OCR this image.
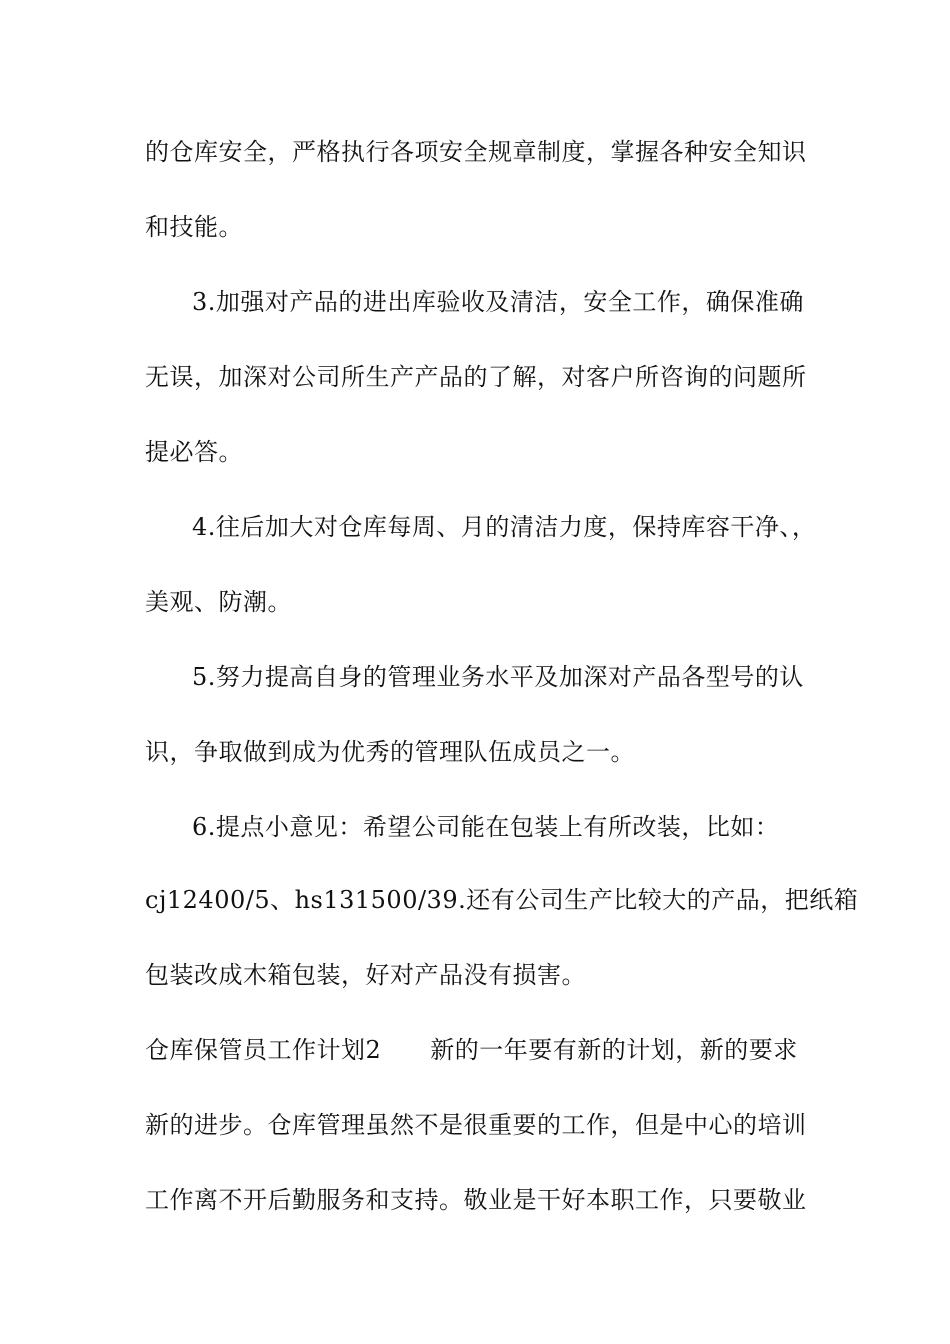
的仓库安全，严格执行各项安全规章制度，掌握各种安全知识
和技能。
3.加强对产品的进出库验收及清洁，安全工作，确保准确
无误，加深对公司所生产产品的了解，对客户所咨询的问题所
提必答。
4.往后加大对仓库每周、月的清洁力度，保持库容干净、，
美观、防潮。
5.努力提高自身的管理业务水平及加深对产品各型号的认
识，争取做到成为优秀的管理队伍成员之一。
6.提点小意见：希望公司能在包装上有所改装，比如：
cj12400/5、hs131500/39.还有公司生产比较大的产品，把纸箱
包装改成木箱包装，好对产品没有损害。
仓库保管员工作计划2　　新的一年要有新的计划，新的要求
新的进步。仓库管理虽然不是很重要的工作，但是中心的培训
工作离不开后勤服务和支持。敬业是干好本职工作，只要敬业
